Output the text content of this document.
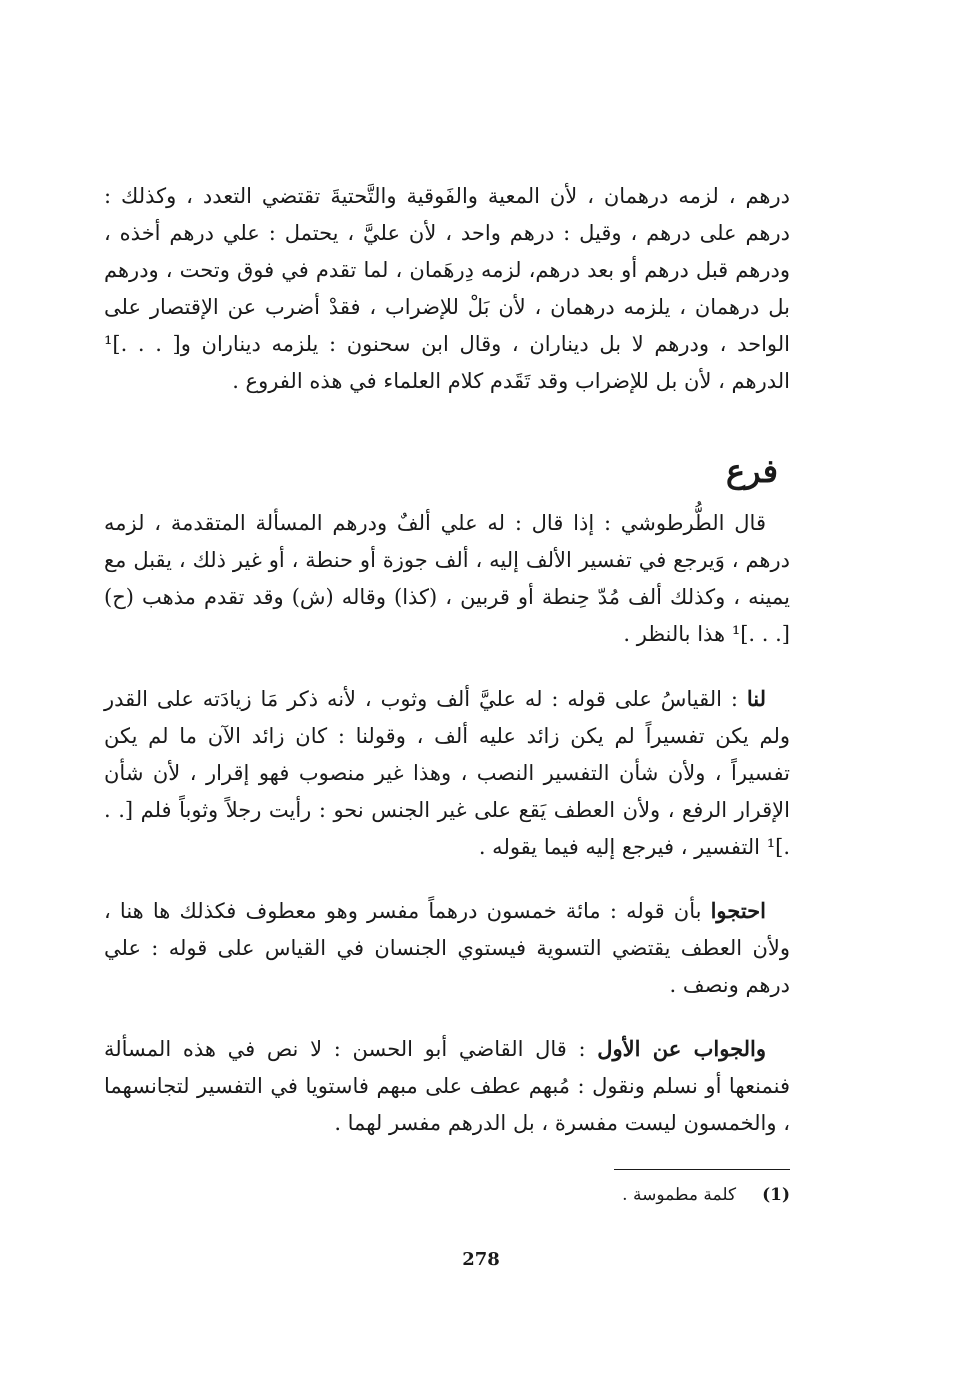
درهم ، لزمه درهمان ، لأن المعية والفَوقية والتَّحتيةَ تقتضي التعدد ، وكذلك : درهم على درهم ، وقيل : درهم واحد ، لأن عليَّ ، يحتمل : علي درهم أخذه ، ودرهم قبل درهم أو بعد درهم، لزمه دِرهَمان ، لما تقدم في فوق وتحت ، ودرهم بل درهمان ، يلزمه درهمان ، لأن بَلْ للإضراب ، فقدْ أضرب عن الإقتصار على الواحد ، ودرهم لا بل ديناران ، وقال ابن سحنون : يلزمه ديناران و[ . . .]¹ الدرهم ، لأن بل للإضراب وقد تَقَدم كلام العلماء في هذه الفروع .

فرع

قال الطُّرطوشي : إذا قال : له علي ألفٌ ودرهم المسألة المتقدمة ، لزمه درهم ، وَيرجع في تفسير الألف إليه ، ألف جوزة أو حنطة ، أو غير ذلك ، يقبل مع يمينه ، وكذلك ألف مُدّ حِنطة أو قربين ، (كذا) وقاله (ش) وقد تقدم مذهب (ح) [. . .]¹ هذا بالنظر .

لنا : القياسُ على قوله : له عليَّ ألف وثوب ، لأنه ذكر مَا زيادَته على القدر ولم يكن تفسيراً لم يكن زائد عليه ألف ، وقولنا : كان زائد الآن ما لم يكن تفسيراً ، ولأن شأن التفسير النصب ، وهذا غير منصوب فهو إقرار ، لأن شأن الإقرار الرفع ، ولأن العطف يَقع على غير الجنس نحو : رأيت رجلاً وثوباً فلم [. . .]¹ التفسير ، فيرجع إليه فيما يقوله .

احتجوا بأن قوله : مائة خمسون درهماً مفسر وهو معطوف فكذلك ها هنا ، ولأن العطف يقتضي التسوية فيستوي الجنسان في القياس على قوله : علي درهم ونصف .

والجواب عن الأول : قال القاضي أبو الحسن : لا نص في هذه المسألة فنمنعها أو نسلم ونقول : مُبهم عطف على مبهم فاستويا في التفسير لتجانسهما ، والخمسون ليست مفسرة ، بل الدرهم مفسر لهما .

(1)كلمة مطموسة .
278
